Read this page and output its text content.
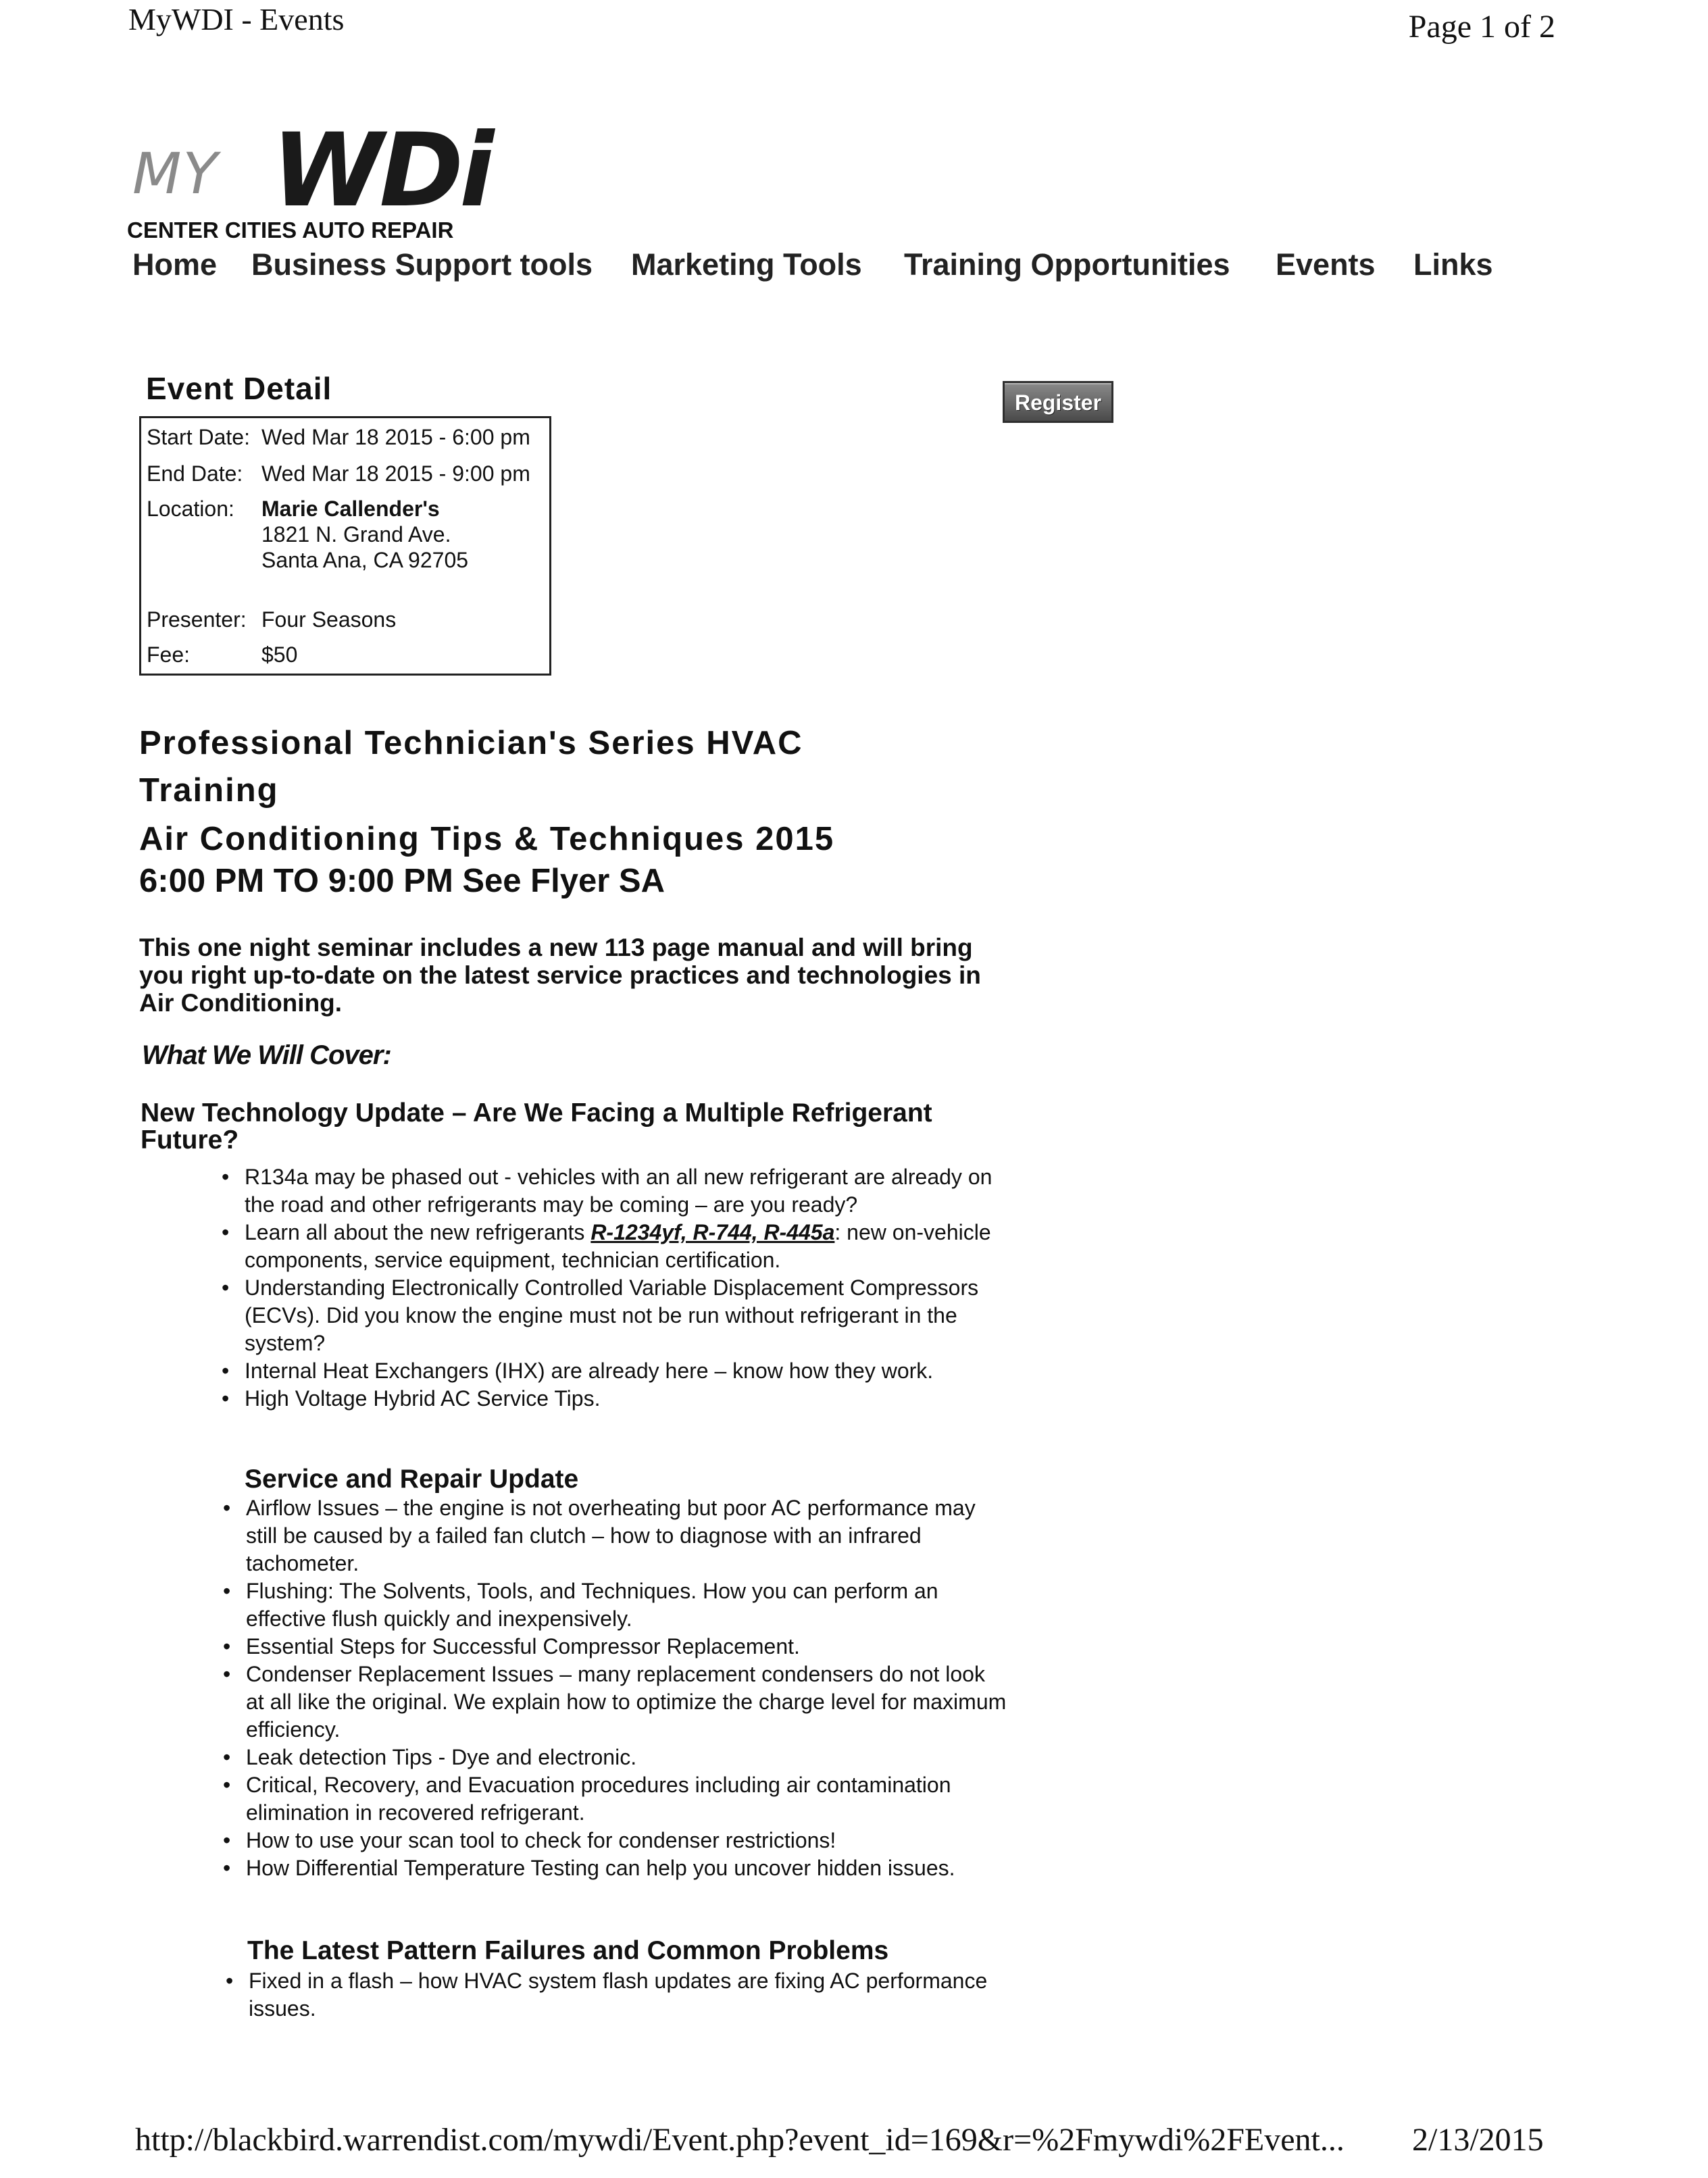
MyWDI - Events	Page 1 of 2
MY WDi
CENTER CITIES AUTO REPAIR
Home Business Support tools Marketing Tools Training Opportunities Events Links
Event Detail	Register
Start Date: Wed Mar 18 2015 - 6:00 pm
End Date: Wed Mar 18 2015 - 9:00 pm
Location: Marie Callender's
1821 N. Grand Ave.
Santa Ana, CA 92705
Presenter: Four Seasons
Fee:	$50
Professional Technician's Series HVAC
Training
Air Conditioning Tips & Techniques 2015
6:00 PM TO 9:00 PM See Flyer SA
This one night seminar includes a new 113 page manual and will bring you right up-to-date on the latest service practices and technologies in Air Conditioning.
What We Will Cover:
New Technology Update – Are We Facing a Multiple Refrigerant Future?
• R134a may be phased out - vehicles with an all new refrigerant are already on the road and other refrigerants may be coming – are you ready?
• Learn all about the new refrigerants R-1234yf, R-744, R-445a: new on-vehicle components, service equipment, technician certification.
• Understanding Electronically Controlled Variable Displacement Compressors (ECVs). Did you know the engine must not be run without refrigerant in the system?
• Internal Heat Exchangers (IHX) are already here – know how they work.
• High Voltage Hybrid AC Service Tips.
Service and Repair Update
• Airflow Issues – the engine is not overheating but poor AC performance may still be caused by a failed fan clutch – how to diagnose with an infrared tachometer.
• Flushing: The Solvents, Tools, and Techniques. How you can perform an effective flush quickly and inexpensively.
• Essential Steps for Successful Compressor Replacement.
• Condenser Replacement Issues – many replacement condensers do not look at all like the original. We explain how to optimize the charge level for maximum efficiency.
• Leak detection Tips - Dye and electronic.
• Critical, Recovery, and Evacuation procedures including air contamination elimination in recovered refrigerant.
• How to use your scan tool to check for condenser restrictions!
• How Differential Temperature Testing can help you uncover hidden issues.
The Latest Pattern Failures and Common Problems
• Fixed in a flash – how HVAC system flash updates are fixing AC performance issues.
http://blackbird.warrendist.com/mywdi/Event.php?event_id=169&r=%2Fmywdi%2FEvent... 2/13/2015
